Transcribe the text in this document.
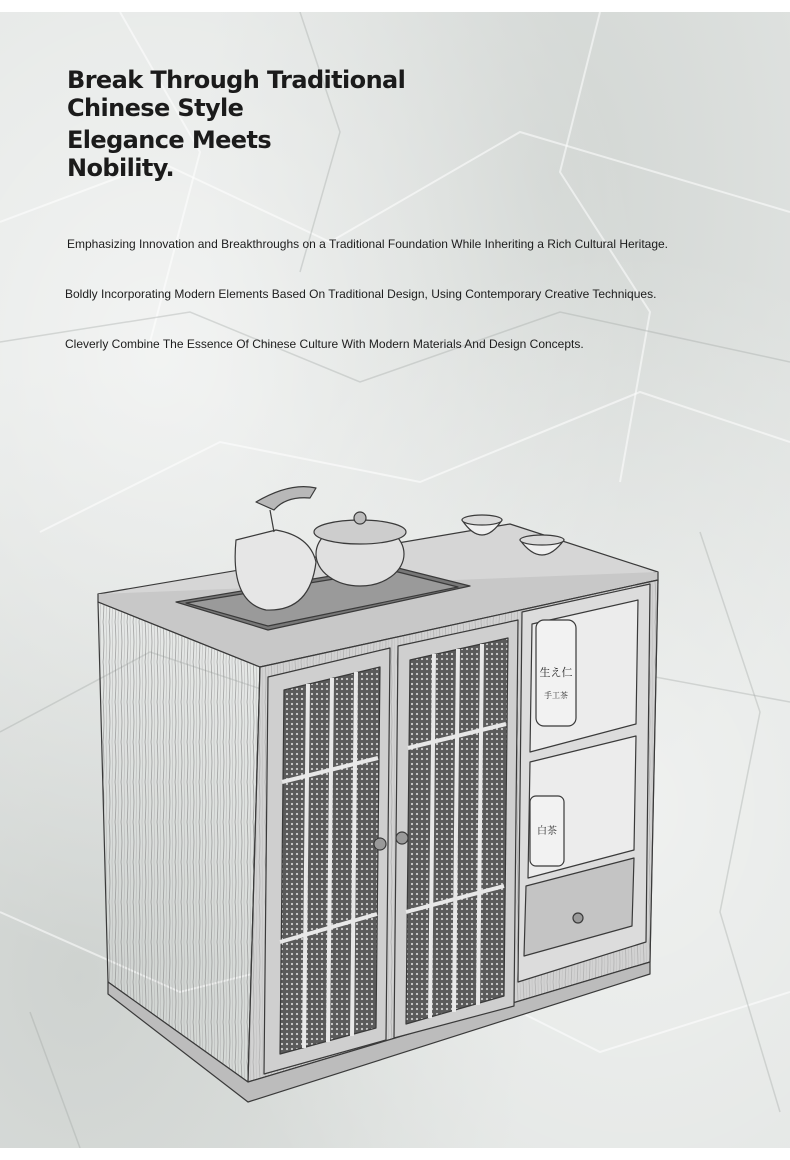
Break Through Traditional
Chinese Style
Elegance Meets
Nobility.

Emphasizing Innovation and Breakthroughs on a Traditional Foundation While Inheriting a Rich Cultural Heritage.

Boldly Incorporating Modern Elements Based On Traditional Design, Using Contemporary Creative Techniques.

Cleverly Combine The Essence Of Chinese Culture With Modern Materials And Design Concepts.

生え仁
手工茶
白茶
